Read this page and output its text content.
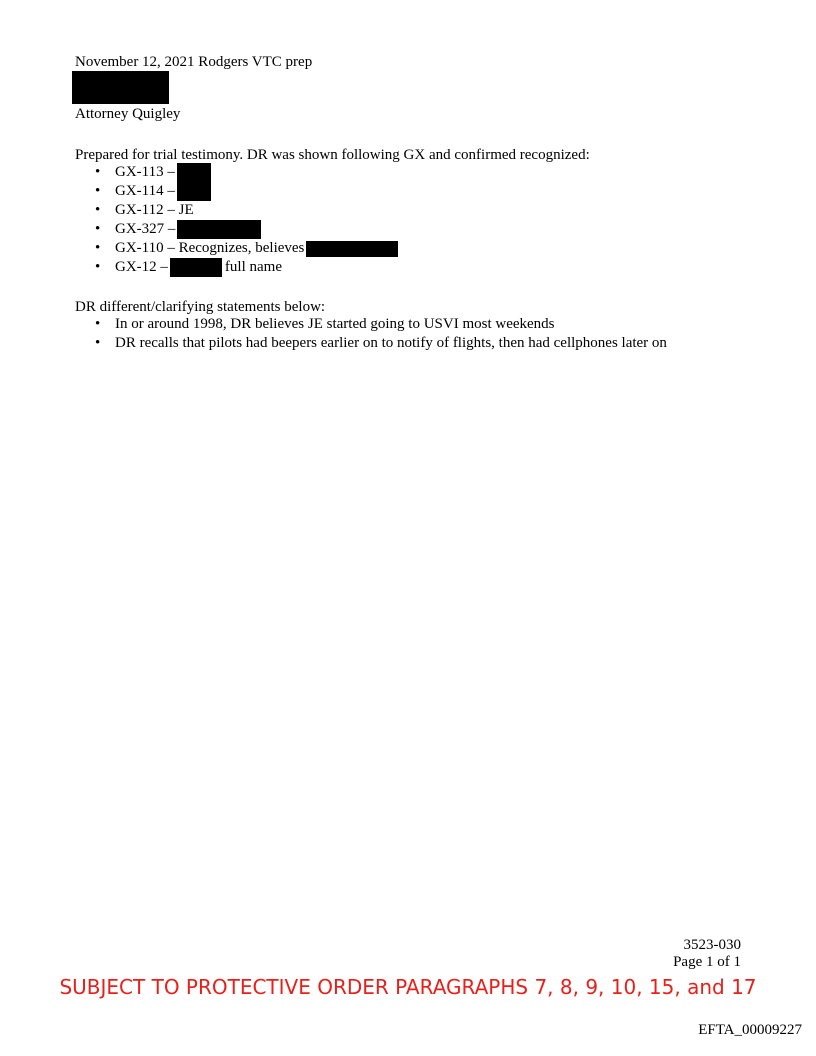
November 12, 2021 Rodgers VTC prep
Attorney Quigley
Prepared for trial testimony. DR was shown following GX and confirmed recognized:
• GX-113 –
• GX-114 –
• GX-112 – JE
• GX-327 –
• GX-110 – Recognizes, believes
• GX-12 –	full name
DR different/clarifying statements below:
• In or around 1998, DR believes JE started going to USVI most weekends
• DR recalls that pilots had beepers earlier on to notify of flights, then had cellphones later on
3523-030
Page 1 of 1
SUBJECT TO PROTECTIVE ORDER PARAGRAPHS 7, 8, 9, 10, 15, and 17
EFTA_00009227
